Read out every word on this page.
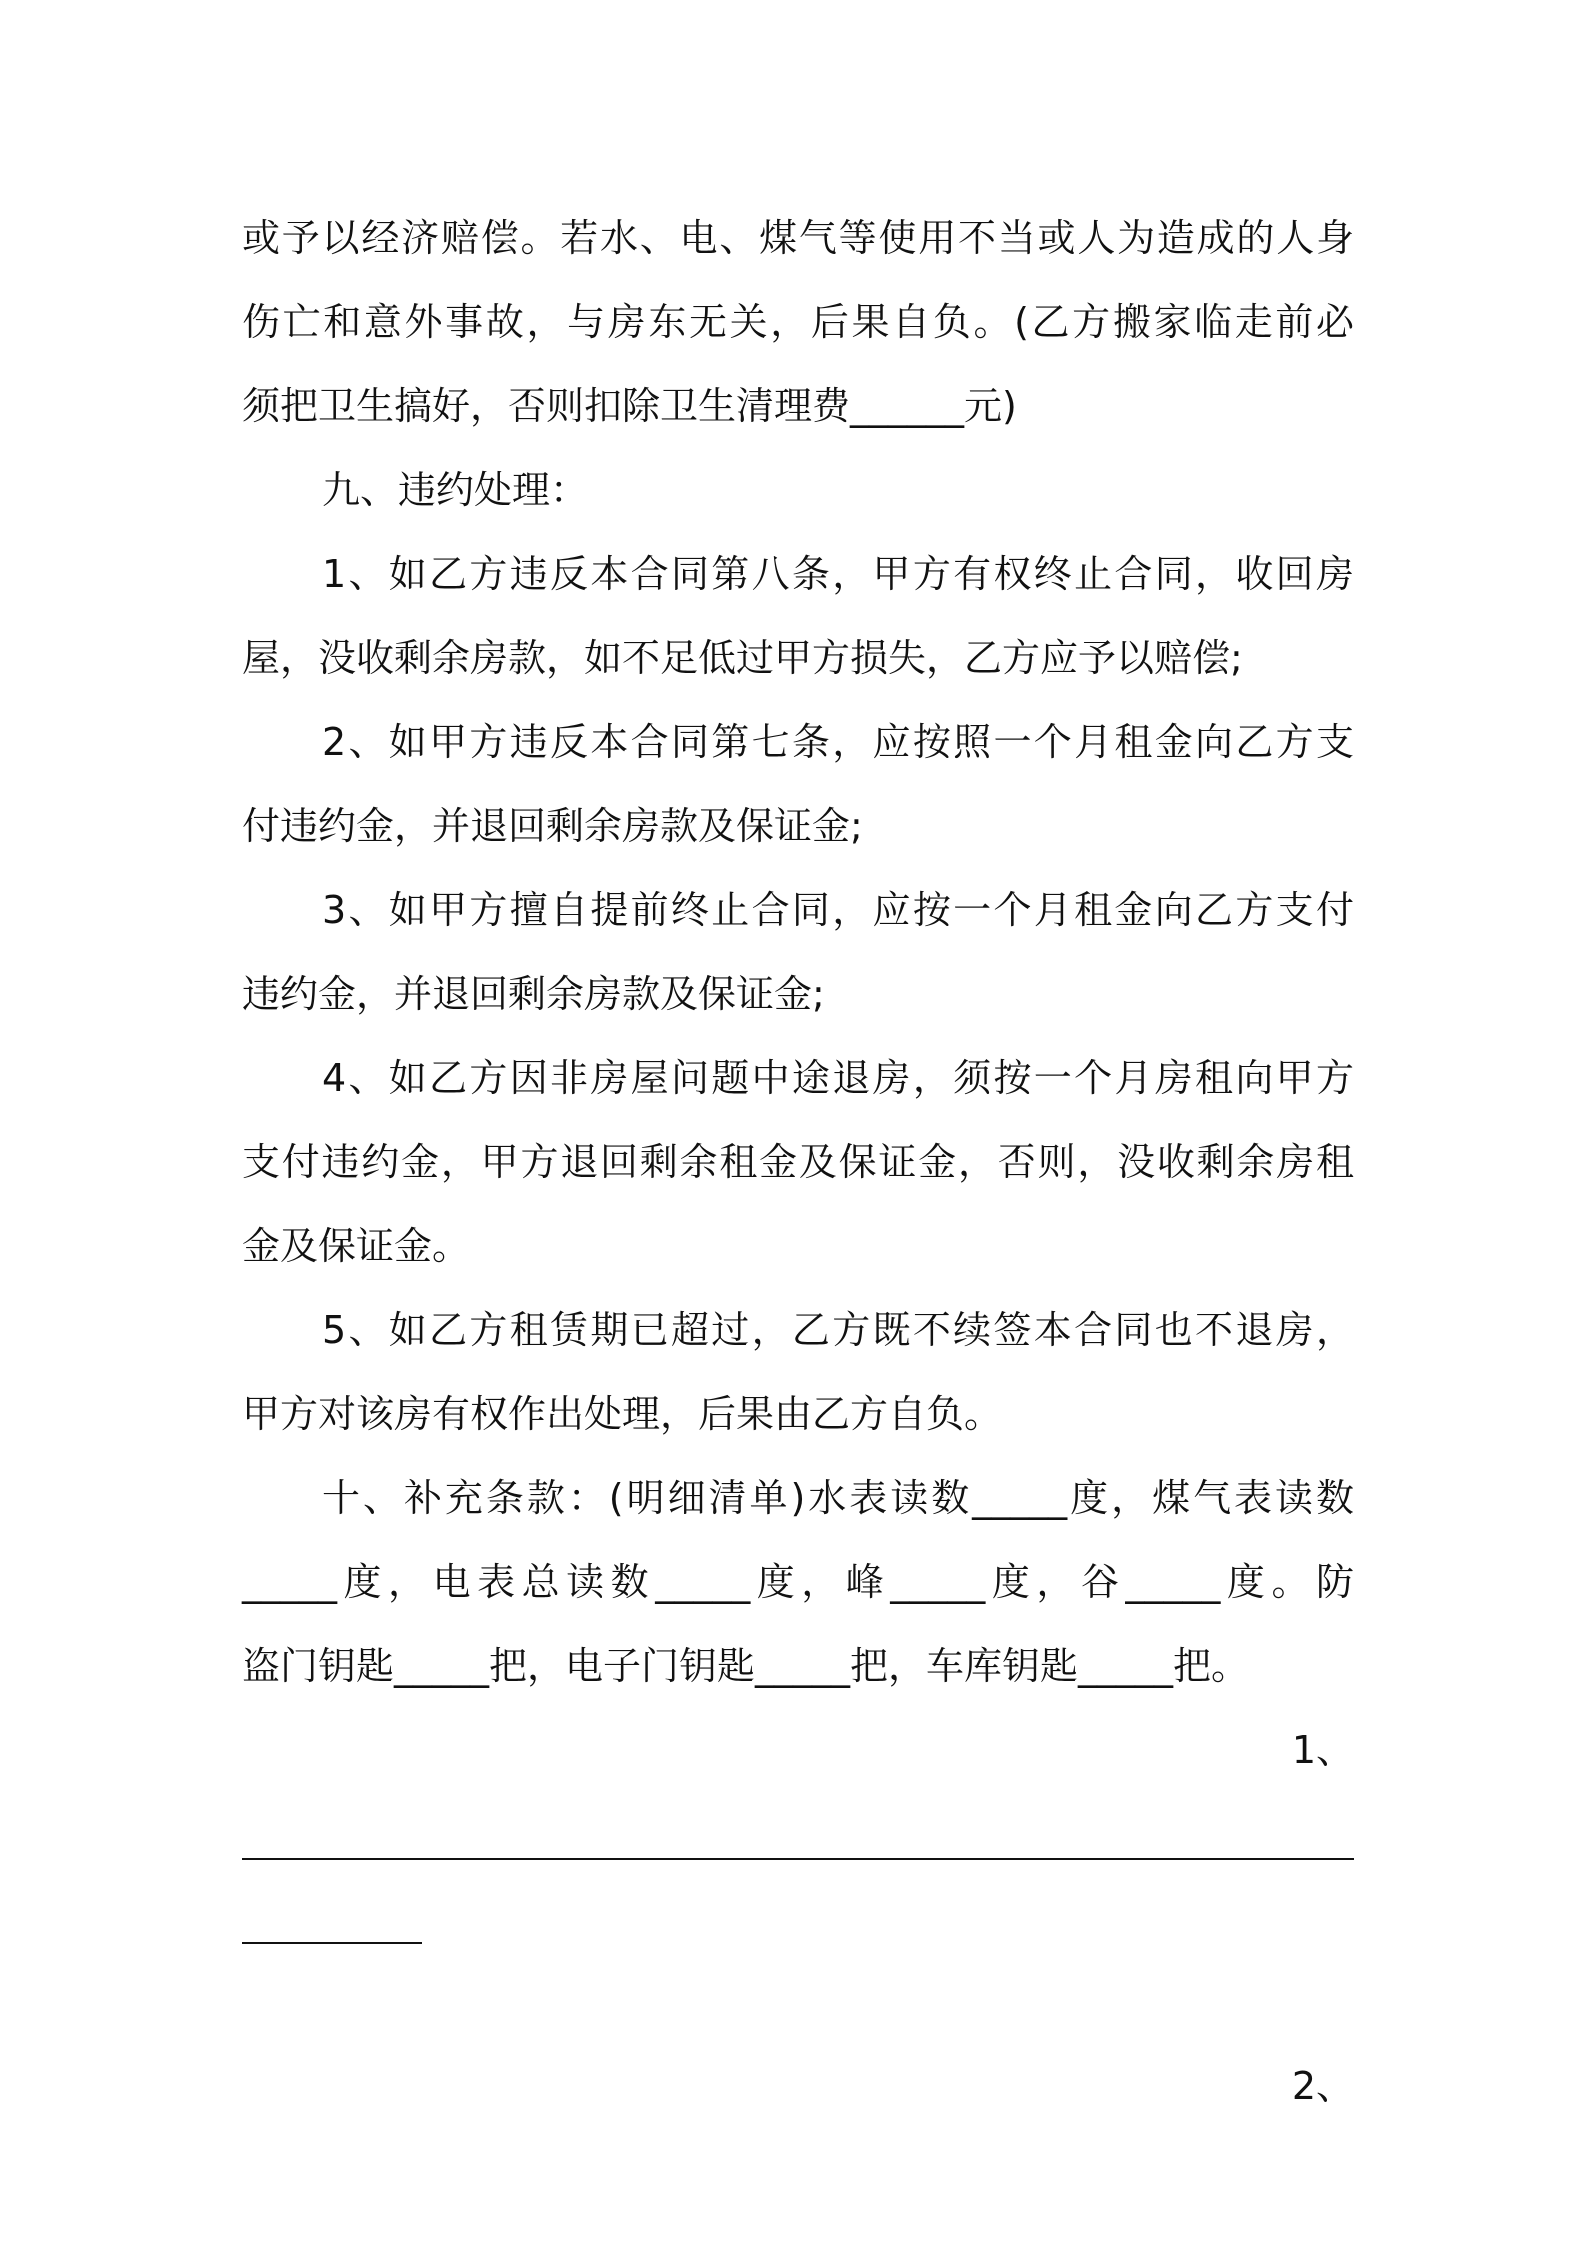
或予以经济赔偿。若水、电、煤气等使用不当或人为造成的人身
伤亡和意外事故，与房东无关，后果自负。(乙方搬家临走前必
须把卫生搞好，否则扣除卫生清理费______元)
九、违约处理：
1、如乙方违反本合同第八条，甲方有权终止合同，收回房
屋，没收剩余房款，如不足低过甲方损失，乙方应予以赔偿;
2、如甲方违反本合同第七条，应按照一个月租金向乙方支
付违约金，并退回剩余房款及保证金;
3、如甲方擅自提前终止合同，应按一个月租金向乙方支付
违约金，并退回剩余房款及保证金;
4、如乙方因非房屋问题中途退房，须按一个月房租向甲方
支付违约金，甲方退回剩余租金及保证金，否则，没收剩余房租
金及保证金。
5、如乙方租赁期已超过，乙方既不续签本合同也不退房，
甲方对该房有权作出处理，后果由乙方自负。
十、补充条款：(明细清单)水表读数_____度，煤气表读数
_____度，电表总读数_____度，峰_____度，谷_____度。防
盗门钥匙_____把，电子门钥匙_____把，车库钥匙_____把。
1、
2、
